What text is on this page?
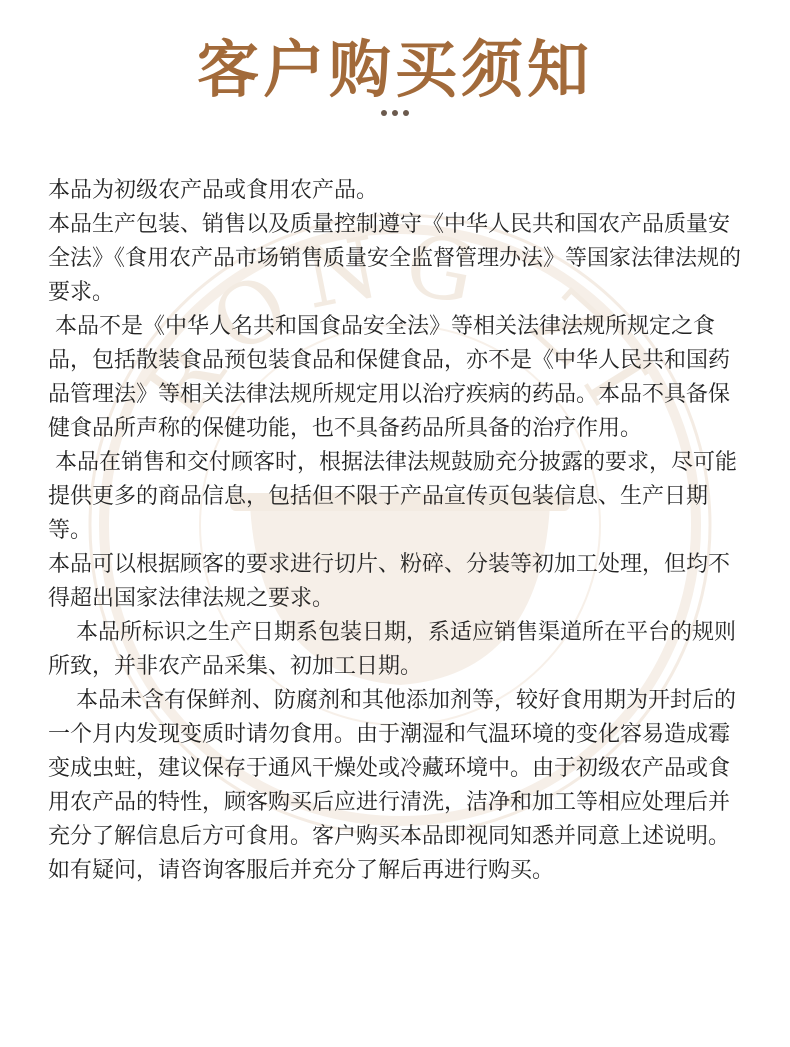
RONG ZI
客户购买须知

本品为初级农产品或食用农产品。

本品生产包装、销售以及质量控制遵守《中华人民共和国农产品质量安全法》《食用农产品市场销售质量安全监督管理办法》等国家法律法规的要求。

本品不是《中华人名共和国食品安全法》等相关法律法规所规定之食品，包括散装食品预包装食品和保健食品，亦不是《中华人民共和国药品管理法》等相关法律法规所规定用以治疗疾病的药品。本品不具备保健食品所声称的保健功能，也不具备药品所具备的治疗作用。

本品在销售和交付顾客时，根据法律法规鼓励充分披露的要求，尽可能提供更多的商品信息，包括但不限于产品宣传页包装信息、生产日期等。

本品可以根据顾客的要求进行切片、粉碎、分装等初加工处理，但均不得超出国家法律法规之要求。

本品所标识之生产日期系包装日期，系适应销售渠道所在平台的规则所致，并非农产品采集、初加工日期。

本品未含有保鲜剂、防腐剂和其他添加剂等，较好食用期为开封后的一个月内发现变质时请勿食用。由于潮湿和气温环境的变化容易造成霉变成虫蛀，建议保存于通风干燥处或冷藏环境中。由于初级农产品或食用农产品的特性，顾客购买后应进行清洗，洁净和加工等相应处理后并充分了解信息后方可食用。客户购买本品即视同知悉并同意上述说明。如有疑问，请咨询客服后并充分了解后再进行购买。
